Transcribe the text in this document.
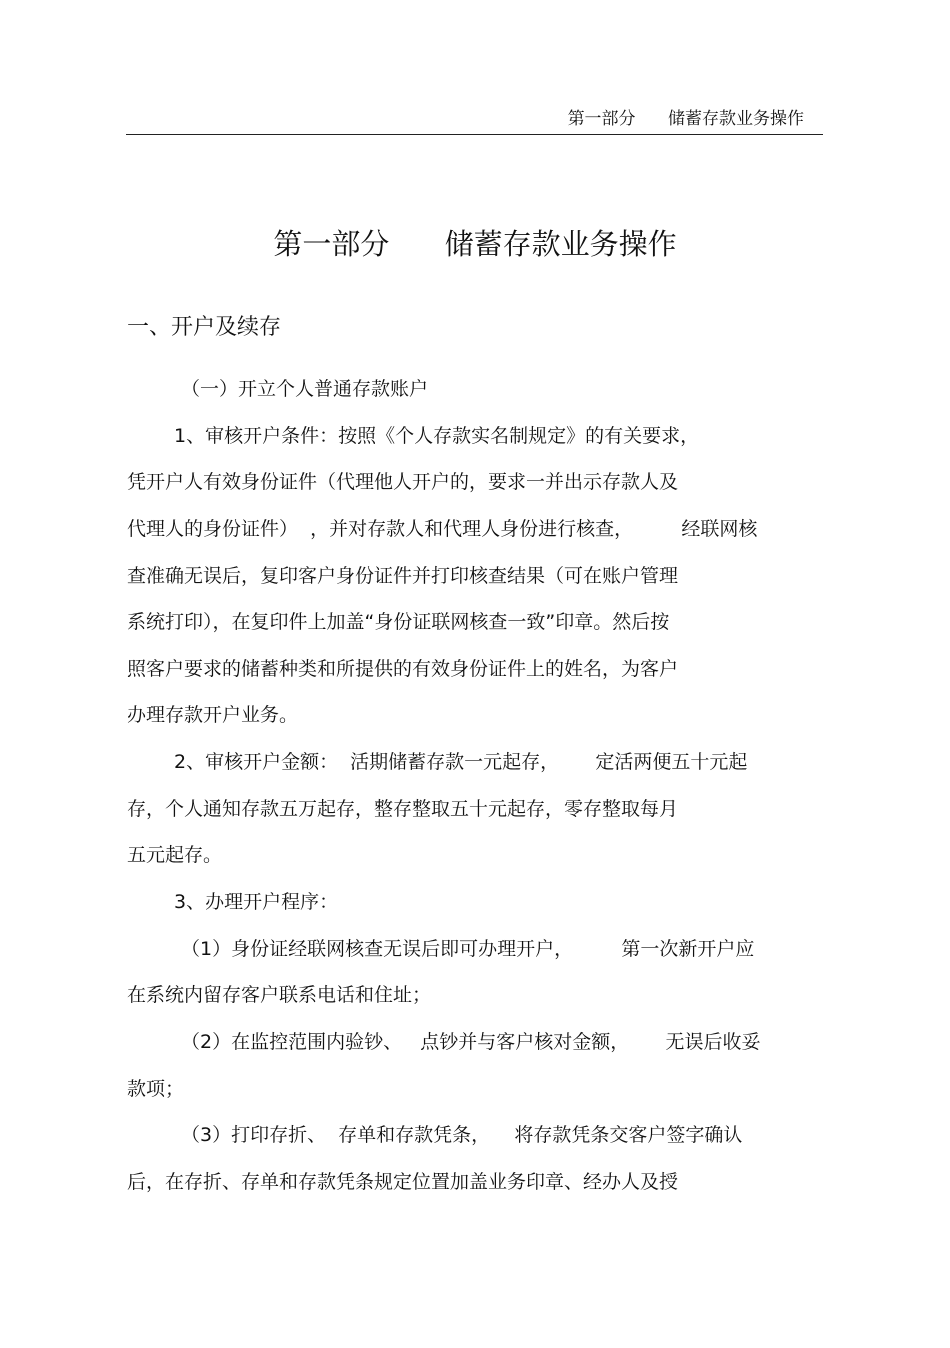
第一部分      储蓄存款业务操作
第一部分      储蓄存款业务操作
一、开户及续存
（一）开立个人普通存款账户
1、审核开户条件：按照《个人存款实名制规定》的有关要求，
凭开户人有效身份证件（代理他人开户的，要求一并出示存款人及
代理人的身份证件）  ，并对存款人和代理人身份进行核查，        经联网核
查准确无误后，复印客户身份证件并打印核查结果（可在账户管理
系统打印），在复印件上加盖“身份证联网核查一致”印章。然后按
照客户要求的储蓄种类和所提供的有效身份证件上的姓名，为客户
办理存款开户业务。
2、审核开户金额：  活期储蓄存款一元起存，      定活两便五十元起
存，个人通知存款五万起存，整存整取五十元起存，零存整取每月
五元起存。
3、办理开户程序：
（1）身份证经联网核查无误后即可办理开户，        第一次新开户应
在系统内留存客户联系电话和住址；
（2）在监控范围内验钞、   点钞并与客户核对金额，      无误后收妥
款项；
（3）打印存折、  存单和存款凭条，    将存款凭条交客户签字确认
后，在存折、存单和存款凭条规定位置加盖业务印章、经办人及授
